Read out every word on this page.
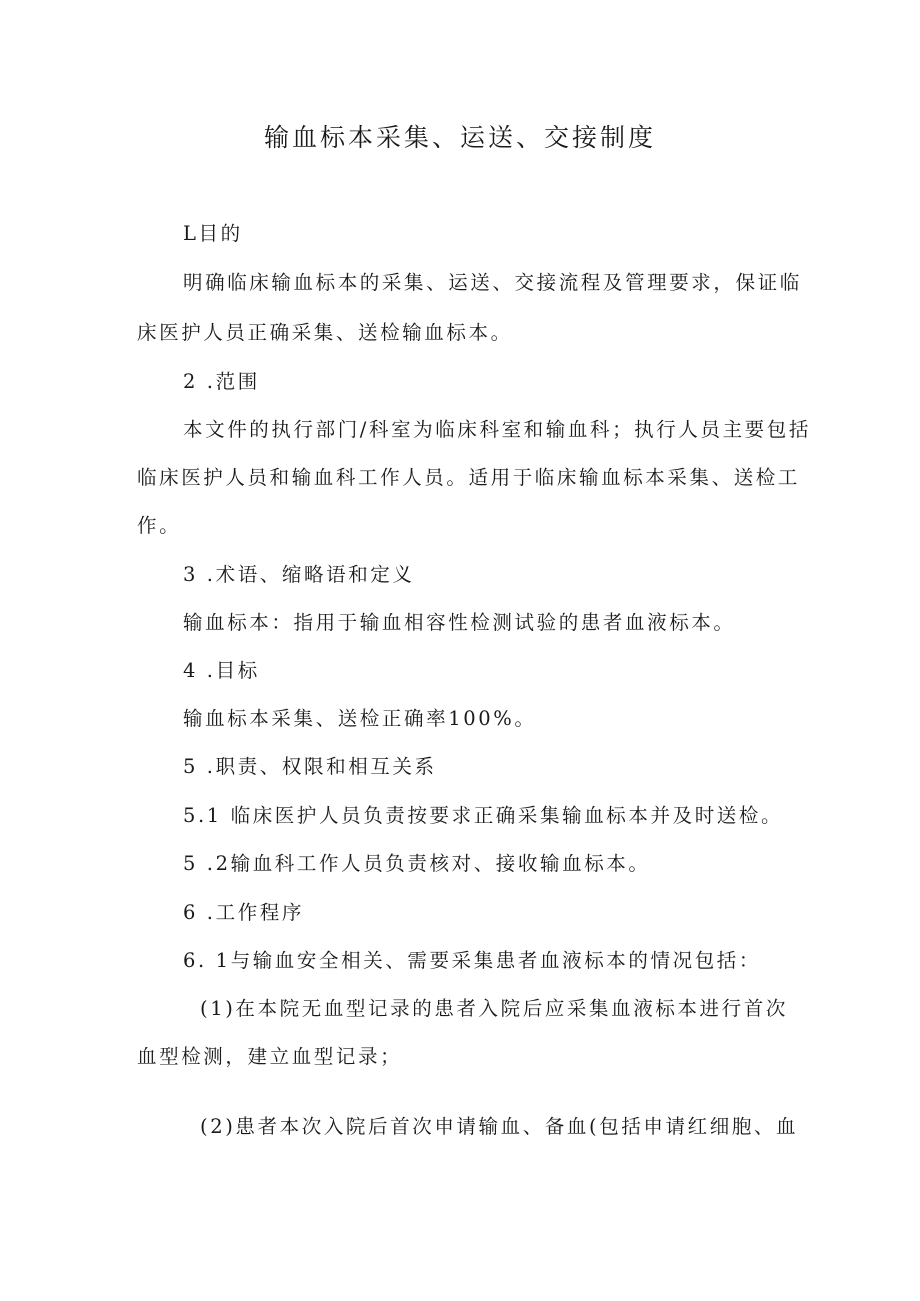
输血标本采集、运送、交接制度
L目的
明确临床输血标本的采集、运送、交接流程及管理要求，保证临
床医护人员正确采集、送检输血标本。
2 .范围
本文件的执行部门/科室为临床科室和输血科；执行人员主要包括
临床医护人员和输血科工作人员。适用于临床输血标本采集、送检工
作。
3 .术语、缩略语和定义
输血标本：指用于输血相容性检测试验的患者血液标本。
4 .目标
输血标本采集、送检正确率100%。
5 .职责、权限和相互关系
5.1 临床医护人员负责按要求正确采集输血标本并及时送检。
5 .2输血科工作人员负责核对、接收输血标本。
6 .工作程序
6. 1与输血安全相关、需要采集患者血液标本的情况包括：
(1)在本院无血型记录的患者入院后应采集血液标本进行首次
血型检测，建立血型记录；
(2)患者本次入院后首次申请输血、备血(包括申请红细胞、血
